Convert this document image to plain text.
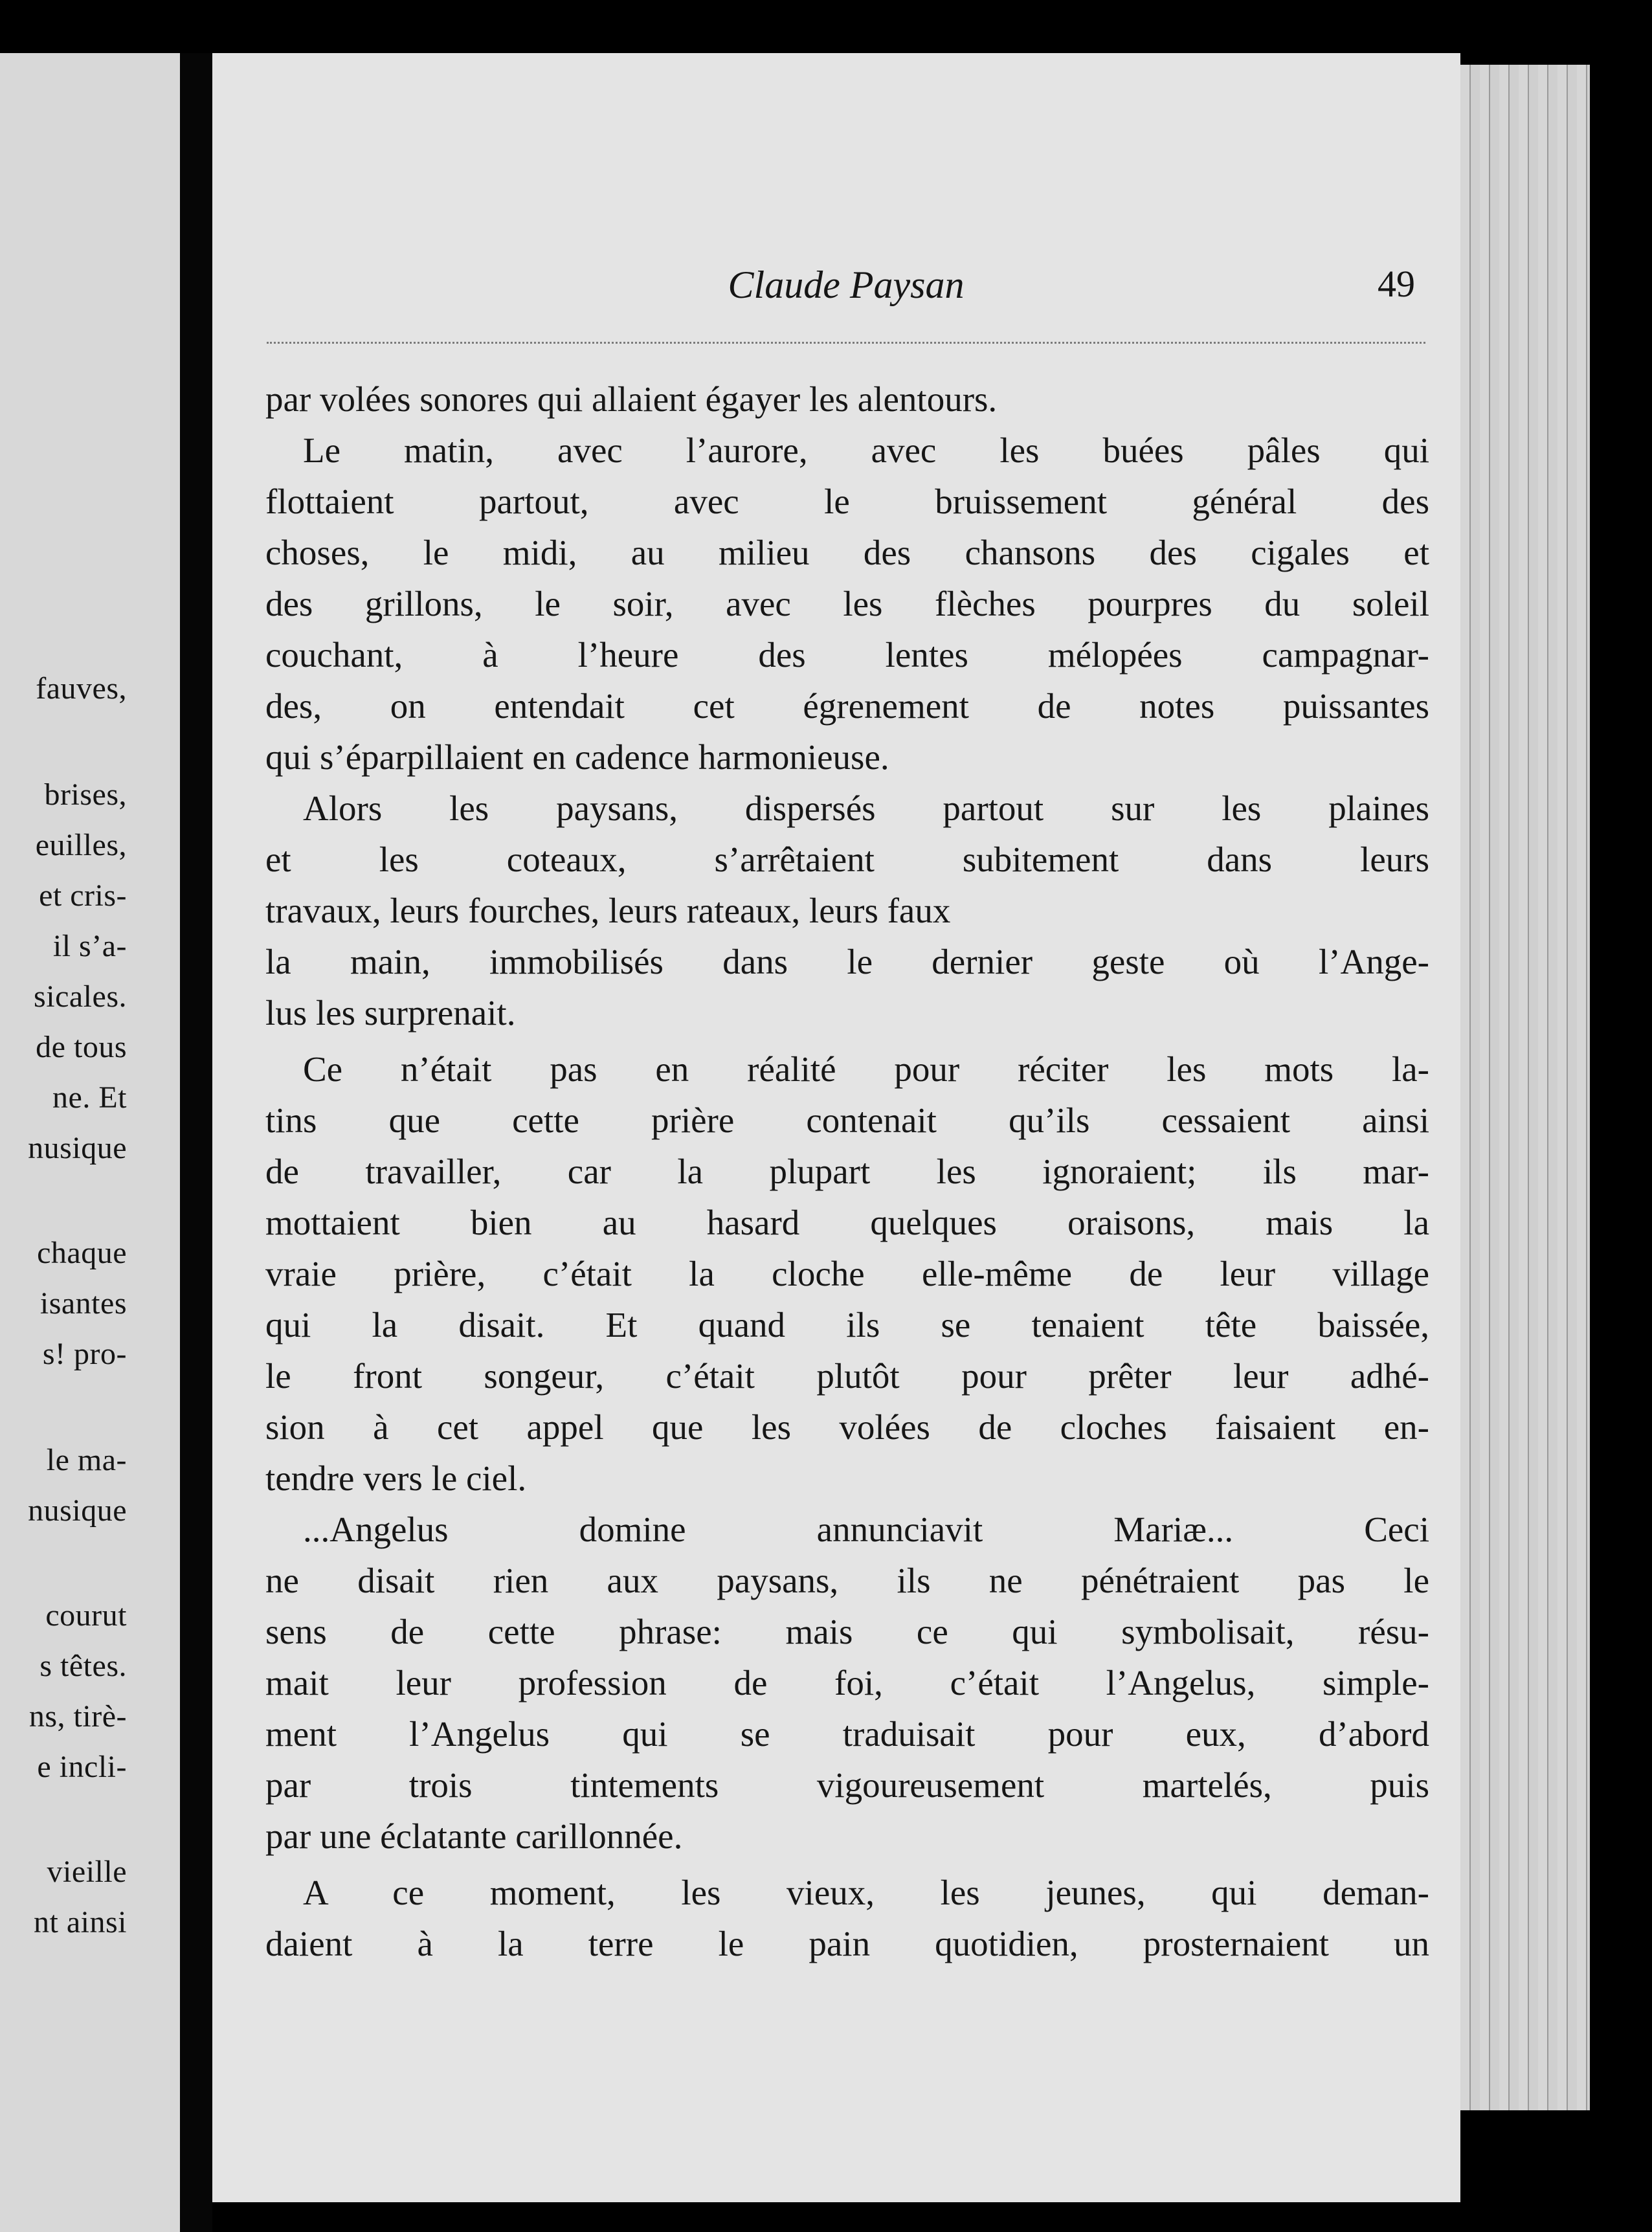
fauves,
brises,
euilles,
et cris-
il s’a-
sicales.
de tous
ne. Et
nusique
chaque
isantes
s! pro-
le ma-
nusique
courut
s têtes.
ns, tirè-
e incli-
vieille
nt ainsi
Claude Paysan	49
par volées sonores qui allaient égayer les alentours.
Le matin, avec l’aurore, avec les buées pâles qui
flottaient partout, avec le bruissement général des
choses, le midi, au milieu des chansons des cigales et
des grillons, le soir, avec les flèches pourpres du soleil
couchant, à l’heure des lentes mélopées campagnar-
des, on entendait cet égrenement de notes puissantes
qui s’éparpillaient en cadence harmonieuse.
Alors les paysans, dispersés partout sur les plaines
et les coteaux, s’arrêtaient subitement dans leurs
travaux, leurs fourches, leurs rateaux, leurs faux
la main, immobilisés dans le dernier geste où l’Ange-
lus les surprenait.
Ce n’était pas en réalité pour réciter les mots la-
tins que cette prière contenait qu’ils cessaient ainsi
de travailler, car la plupart les ignoraient; ils mar-
mottaient bien au hasard quelques oraisons, mais la
vraie prière, c’était la cloche elle-même de leur village
qui la disait. Et quand ils se tenaient tête baissée,
le front songeur, c’était plutôt pour prêter leur adhé-
sion à cet appel que les volées de cloches faisaient en-
tendre vers le ciel.
...Angelus domine annunciavit Mariæ... Ceci
ne disait rien aux paysans, ils ne pénétraient pas le
sens de cette phrase: mais ce qui symbolisait, résu-
mait leur profession de foi, c’était l’Angelus, simple-
ment l’Angelus qui se traduisait pour eux, d’abord
par trois tintements vigoureusement martelés, puis
par une éclatante carillonnée.
A ce moment, les vieux, les jeunes, qui deman-
daient à la terre le pain quotidien, prosternaient un
